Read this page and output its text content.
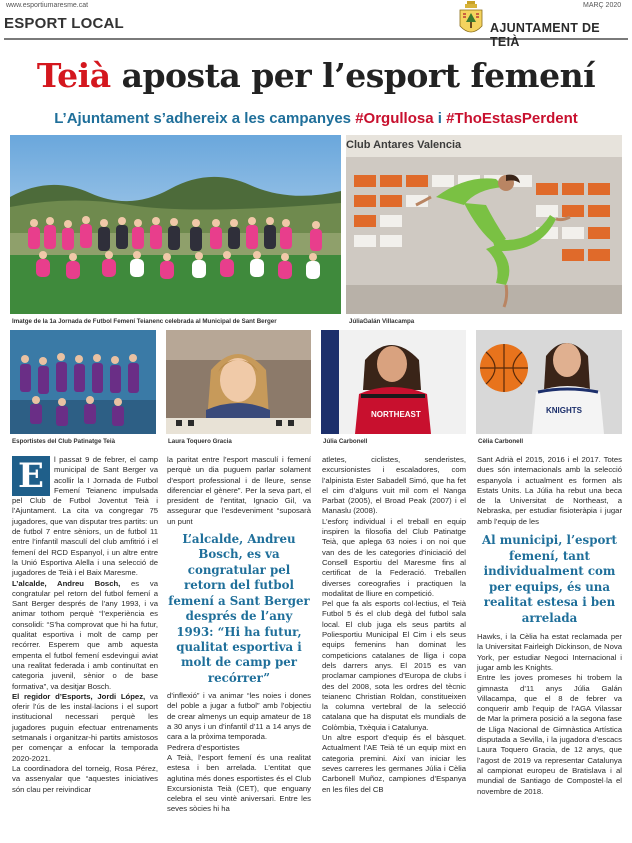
www.esportiumaresme.cat	MARÇ 2020
ESPORT LOCAL	AJUNTAMENT DE TEIÀ
Teià aposta per l’esport femení
L’Ajuntament s’adhereix a les campanyes #Orgullosa i #ThoEstasPerdent
Imatge de la 1a Jornada de Futbol Femení Teianenc celebrada al Municipal de Sant Berger
Club Antares Valencia
JúliaGalán Villacampa
Esportistes del Club Patinatge Teià	Laura Toquero Gracia
NORTHEAST
Júlia Carbonell
KNIGHTS
Cèlia Carbonell

E	l passat 9 de febrer, el camp municipal de Sant Berger va acollir la I Jornada de Futbol Femení Teianenc impulsada pel Club de Futbol Joventut Teià i l’Ajuntament. La cita va congregar 75 jugadores, que van disputar tres partits: un de futbol 7 entre sèniors, un de futbol 11 entre l’infantil masculí del club amfitrió i el femení del RCD Espanyol, i un altre entre la Unió Esportiva Alella i una selecció de jugadores de Teià i el Baix Maresme.

L’alcalde, Andreu Bosch, es va congratular pel retorn del futbol femení a Sant Berger després de l’any 1993, i va animar tothom perquè “l’experiència es consolidi: “S’ha comprovat que hi ha futur, qualitat esportiva i molt de camp per recórrer. Esperem que amb aquesta empenta el futbol femení esdevingui aviat una realitat federada i amb continuïtat en categoria juvenil, sènior o de base formativa”, va desitjar Bosch.

El regidor d’Esports, Jordi López, va oferir l’ús de les instal·lacions i el suport institucional necessari perquè les jugadores puguin efectuar entrenaments setmanals i organitzar-hi partits amistosos per començar a enfocar la temporada 2020-2021.

La coordinadora del torneig, Rosa Pérez, va assenyalar que “aquestes iniciatives són clau per reivindicar

la paritat entre l’esport masculí i femení perquè un dia puguem parlar solament d’esport professional i de lleure, sense diferenciar el gènere”. Per la seva part, el president de l’entitat, Ignacio Gil, va assegurar que l’esdeveniment “suposarà un punt

L’alcalde, Andreu Bosch, es va congratular pel retorn del futbol femení a Sant Berger després de l’any 1993: “Hi ha futur, qualitat esportiva i molt de camp per recórrer”

d’inflexió” i va animar “les noies i dones del poble a jugar a futbol” amb l’objectiu de crear almenys un equip amateur de 18 a 30 anys i un d’infantil d’11 a 14 anys de cara a la pròxima temporada.

Pedrera d’esportistes

A Teià, l’esport femení és una realitat estesa i ben arrelada. L’entitat que aglutina més dones esportistes és el Club Excursionista Teià (CET), que enguany celebra el seu vintè aniversari. Entre les seves sòcies hi ha

atletes, ciclistes, senderistes, excursionistes i escaladores, com l’alpinista Ester Sabadell Simó, que ha fet el cim d’alguns vuit mil com el Nanga Parbat (2005), el Broad Peak (2007) i el Manaslu (2008).

L’esforç individual i el treball en equip inspiren la filosofia del Club Patinatge Teià, que aplega 63 noies i on noi que van des de les categories d’iniciació del Consell Esportiu del Maresme fins al certificat de la Federació. Treballen diverses coreografies i practiquen la modalitat de lliure en competició.

Pel que fa als esports col·lectius, el Teià Futbol 5 és el club degà del futbol sala local. El club juga els seus partits al Poliesportiu Municipal El Cim i els seus equips femenins han dominat les competicions catalanes de lliga i copa dels darrers anys. El 2015 es van proclamar campiones d’Europa de clubs i des del 2008, sota les ordres del tècnic teianenc Christian Roldan, constitueixen la columna vertebral de la selecció catalana que ha disputat els mundials de Colòmbia, Txèquia i Catalunya.

Un altre esport d’equip és el bàsquet. Actualment l’AE Teià té un equip mixt en categoria premini. Així van iniciar les seves carreres les germanes Júlia i Cèlia Carbonell Muñoz, campiones d’Espanya en les files del CB

Sant Adrià el 2015, 2016 i el 2017. Totes dues són internacionals amb la selecció espanyola i actualment es formen als Estats Units. La Júlia ha rebut una beca de la Universitat de Northeast, a Nebraska, per estudiar fisioteràpia i jugar amb l’equip de les

Al municipi, l’esport femení, tant individualment com per equips, és una realitat estesa i ben arrelada

Hawks, i la Cèlia ha estat reclamada per la Universitat Fairleigh Dickinson, de Nova York, per estudiar Negoci Internacional i jugar amb les Knights.

Entre les joves promeses hi trobem la gimnasta d’11 anys Júlia Galán Villacampa, que el 8 de febrer va conquerir amb l’equip de l’AGA Vilassar de Mar la primera posició a la segona fase de Lliga Nacional de Gimnàstica Artística disputada a Sevilla, i la jugadora d’escacs Laura Toquero Gracia, de 12 anys, que l’agost de 2019 va representar Catalunya al campionat europeu de Bratislava i al mundial de Santiago de Compostel·la el novembre de 2018.
